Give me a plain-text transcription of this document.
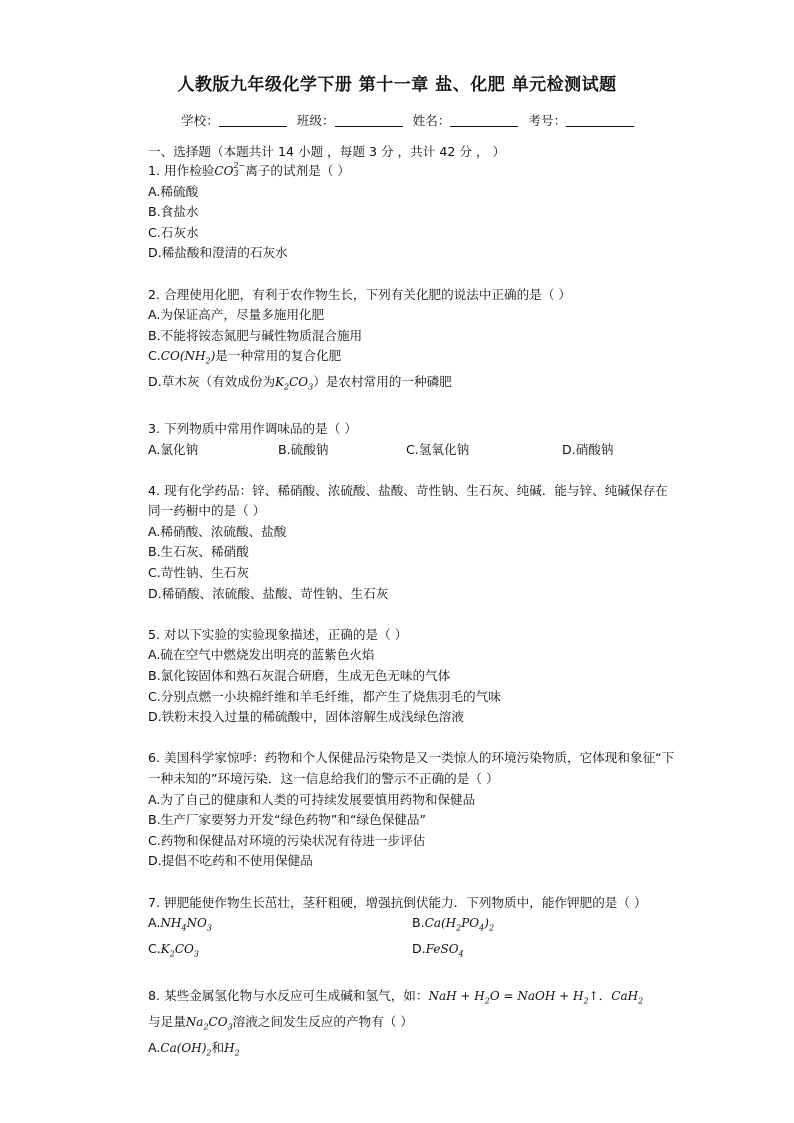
人教版九年级化学下册 第十一章 盐、化肥 单元检测试题
学校：	班级：	姓名：	考号：
一、选择题（本题共计 14 小题 ，每题 3 分 ，共计 42 分 ， ）
1. 用作检验CO 2−
3 离子的试剂是（ ）
A.稀硫酸
B.食盐水
C.石灰水
D.稀盐酸和澄清的石灰水
2. 合理使用化肥，有利于农作物生长，下列有关化肥的说法中正确的是（ ）
A.为保证高产，尽量多施用化肥
B.不能将铵态氮肥与碱性物质混合施用
$C.CO(NH_2)$是一种常用的复合化肥
D.草木灰（有效成份为$K_2CO_3$）是农村常用的一种磷肥
3. 下列物质中常用作调味品的是（ ）
A.氯化钠	B.硫酸钠	C.氢氧化钠	D.硝酸钠
4. 现有化学药品：锌、稀硝酸、浓硫酸、盐酸、苛性钠、生石灰、纯碱．能与锌、纯碱保存在同一药橱中的是（ ）
A.稀硝酸、浓硫酸、盐酸
B.生石灰、稀硝酸
C.苛性钠、生石灰
D.稀硝酸、浓硫酸、盐酸、苛性钠、生石灰
5. 对以下实验的实验现象描述，正确的是（ ）
A.硫在空气中燃烧发出明亮的蓝紫色火焰
B.氯化铵固体和熟石灰混合研磨，生成无色无味的气体
C.分别点燃一小块棉纤维和羊毛纤维，都产生了烧焦羽毛的气味
D.铁粉末投入过量的稀硫酸中，固体溶解生成浅绿色溶液
6. 美国科学家惊呼：药物和个人保健品污染物是又一类惊人的环境污染物质，它体现和象征“下一种未知的”环境污染．这一信息给我们的警示不正确的是（ ）
A.为了自己的健康和人类的可持续发展要慎用药物和保健品
B.生产厂家要努力开发“绿色药物”和“绿色保健品”
C.药物和保健品对环境的污染状况有待进一步评估
D.提倡不吃药和不使用保健品
7. 钾肥能使作物生长茁壮，茎秆粗硬，增强抗倒伏能力．下列物质中，能作钾肥的是（ ）
$A.NH_4NO_3$	$B.Ca(H_2PO_4)_2$
$C.K_2CO_3$	D.FeSO$_4$
8. 某些金属氢化物与水反应可生成碱和氢气，如：NaH + $H_2O$ = NaOH + $H_2↑$．CaH$_2$
与足量$Na_2CO_3$溶液之间发生反应的产物有（ ）
$A.Ca(OH)_2$和$H_2$
